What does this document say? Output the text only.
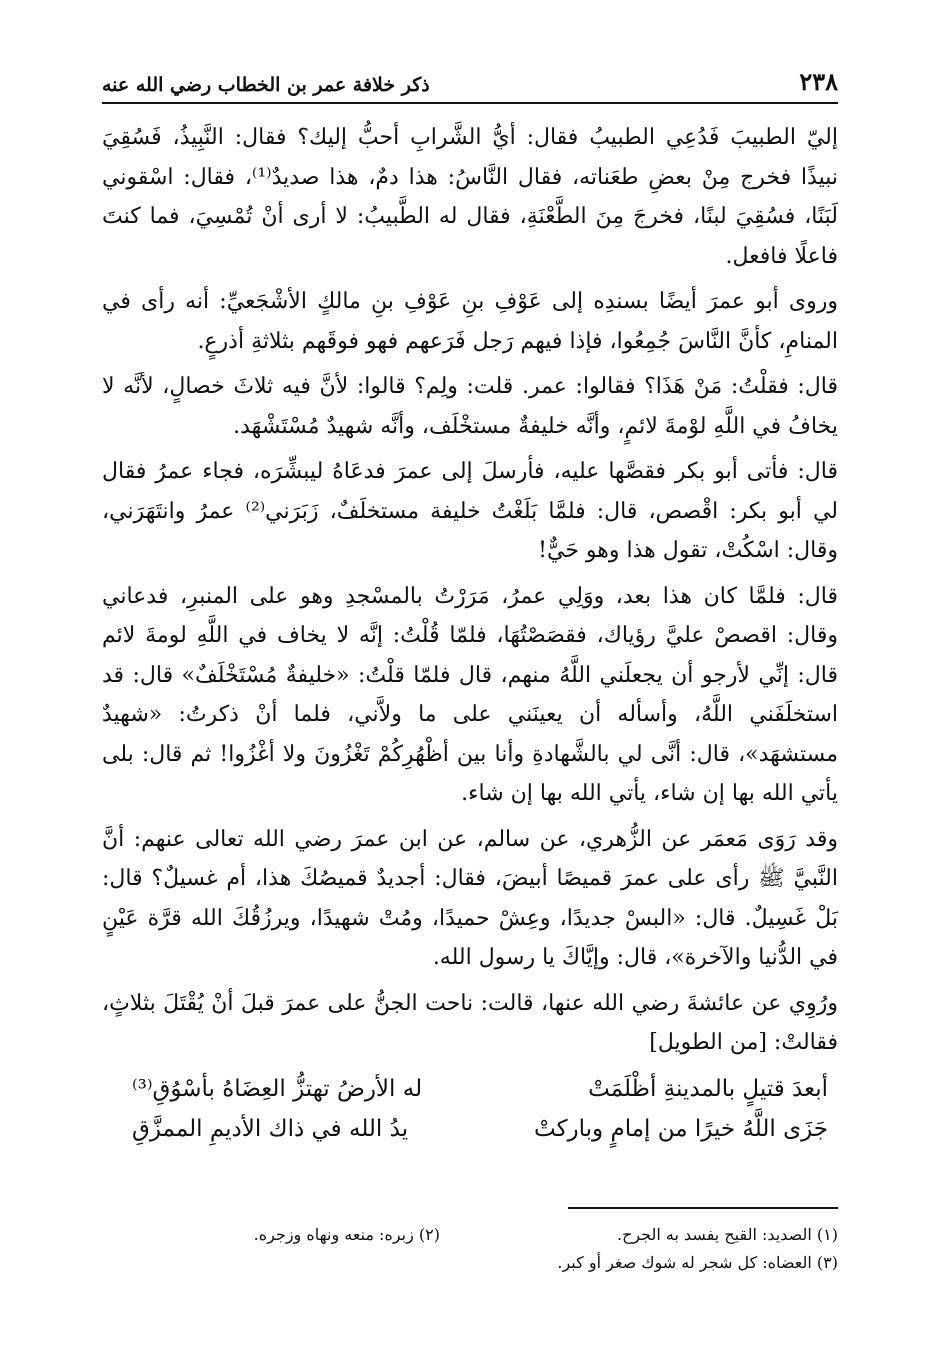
٢٣٨
ذكر خلافة عمر بن الخطاب رضي الله عنه

إليّ الطبيبَ فَدُعِي الطبيبُ فقال: أيُّ الشَّرابِ أحبُّ إليك؟ فقال: النَّبِيذُ، فَسُقِيَ نبيذًا فخرج مِنْ بعضِ طعَناته، فقال النَّاسُ: هذا دمٌ، هذا صديدٌ⁽¹⁾، فقال: اسْقوني لَبَنًا، فسُقِيَ لبنًا، فخرجَ مِنَ الطَّعْنَةِ، فقال له الطَّبيبُ: لا أرى أنْ تُمْسِيَ، فما كنتَ فاعلًا فافعل.

وروى أبو عمرَ أيضًا بسندِه إلى عَوْفِ بنِ عَوْفِ بنِ مالكٍ الأشْجَعيِّ: أنه رأى في المنامِ، كأنَّ النَّاسَ جُمِعُوا، فإذا فيهم رَجل فَرَعهم فهو فوقَهم بثلاثةِ أذرعٍ.

قال: فقلْتُ: مَنْ هَذَا؟ فقالوا: عمر. قلت: ولِم؟ قالوا: لأنَّ فيه ثلاثَ خصالٍ، لأنَّه لا يخافُ في اللَّهِ لوْمةَ لائمٍ، وأنَّه خليفةٌ مستخْلَف، وأنَّه شهيدٌ مُسْتَشْهَد.

قال: فأتى أبو بكر فقصَّها عليه، فأرسلَ إلى عمرَ فدعَاهُ ليبشِّرَه، فجاء عمرُ فقال لي أبو بكر: اقْصص، قال: فلمَّا بَلَغْتُ خليفة مستخلَفٌ، زَبَرَني⁽²⁾ عمرُ وانتَهَرَني، وقال: اسْكُتْ، تقول هذا وهو حَيٌّ!

قال: فلمَّا كان هذا بعد، ووَلِي عمرُ، مَرَرْتُ بالمسْجدِ وهو على المنبرِ، فدعاني وقال: اقصصْ عليَّ رؤياك، فقصَصْتُهَا، فلمّا قُلْتُ: إنَّه لا يخاف في اللَّهِ لومةَ لائم قال: إنِّي لأرجو أن يجعلَني اللَّهُ منهم، قال فلمّا قلْتُ: «خليفةٌ مُسْتَخْلَفٌ» قال: قد استخلَفَني اللَّهُ، وأسأله أن يعينَني على ما ولاَّني، فلما أنْ ذكرتُ: «شهيدٌ مستشهَد»، قال: أنَّى لي بالشَّهادةِ وأنا بين أظْهُرِكُمْ تَغْزُونَ ولا أغْزُوا! ثم قال: بلى يأتي الله بها إن شاء، يأتي الله بها إن شاء.

وقد رَوَى مَعمَر عن الزُّهري، عن سالم، عن ابن عمرَ رضي الله تعالى عنهم: أنَّ النَّبيَّ ﷺ رأى على عمرَ قميصًا أبيضَ، فقال: أجديدٌ قميصُكَ هذا، أم غسيلٌ؟ قال: بَلْ غَسِيلٌ. قال: «البسْ جديدًا، وعِشْ حميدًا، ومُتْ شهيدًا، ويرزُقُكَ الله قرَّة عَيْنٍ في الدُّنيا والآخرة»، قال: وإيَّاكَ يا رسول الله.

ورُوِي عن عائشةَ رضي الله عنها، قالت: ناحت الجنُّ على عمرَ قبلَ أنْ يُقْتَلَ بثلاثٍ، فقالتْ: [من الطويل]

أبعدَ قتيلٍ بالمدينةِ أظْلَمَتْ
له الأرضُ تهتزُّ العِضَاهُ بأسْوُقِ⁽³⁾
جَزَى اللَّهُ خيرًا من إمامٍ وباركتْ
يدُ الله في ذاك الأديمِ الممزَّقِ
(١) الصديد: القيح يفسد به الجرح.
(٢) زبره: منعه ونهاه وزجره.
(٣) العضاه: كل شجر له شوك صغر أو كبر.
